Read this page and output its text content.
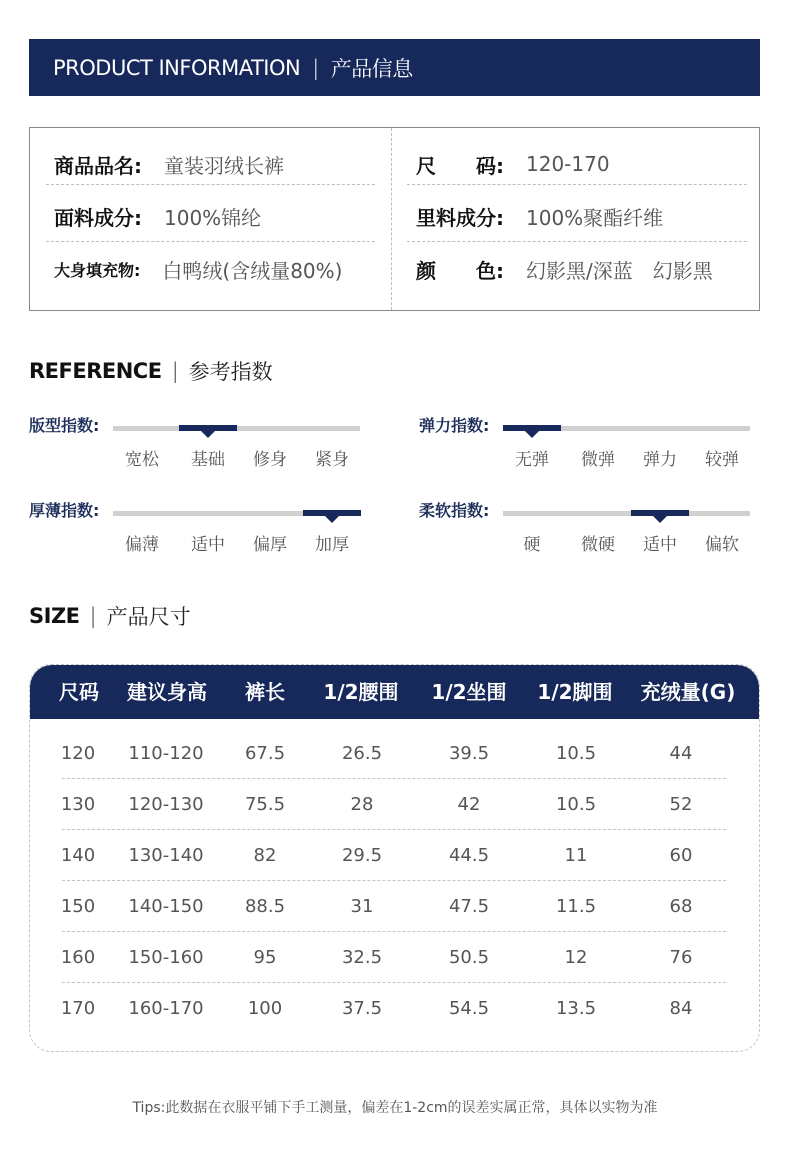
PRODUCT INFORMATION | 产品信息
商品品名: 童装羽绒长裤	尺　　码: 120-170
面料成分: 100%锦纶	里料成分: 100%聚酯纤维
大身填充物: 白鸭绒(含绒量80%)	颜　　色: 幻影黑/深蓝 幻影黑
REFERENCE | 参考指数
版型指数:
宽松	基础	修身	紧身
弹力指数:
无弹	微弹	弹力	较弹
厚薄指数:
偏薄	适中	偏厚	加厚
柔软指数:
硬	微硬	适中	偏软
SIZE | 产品尺寸
尺码	建议身高	裤长	1/2腰围	1/2坐围	1/2脚围	充绒量(G)
120	110-120	67.5	26.5	39.5	10.5	44
130	120-130	75.5	28	42	10.5	52
140	130-140	82	29.5	44.5	11	60
150	140-150	88.5	31	47.5	11.5	68
160	150-160	95	32.5	50.5	12	76
170	160-170	100	37.5	54.5	13.5	84
Tips:此数据在衣服平铺下手工测量，偏差在1-2cm的误差实属正常，具体以实物为准
